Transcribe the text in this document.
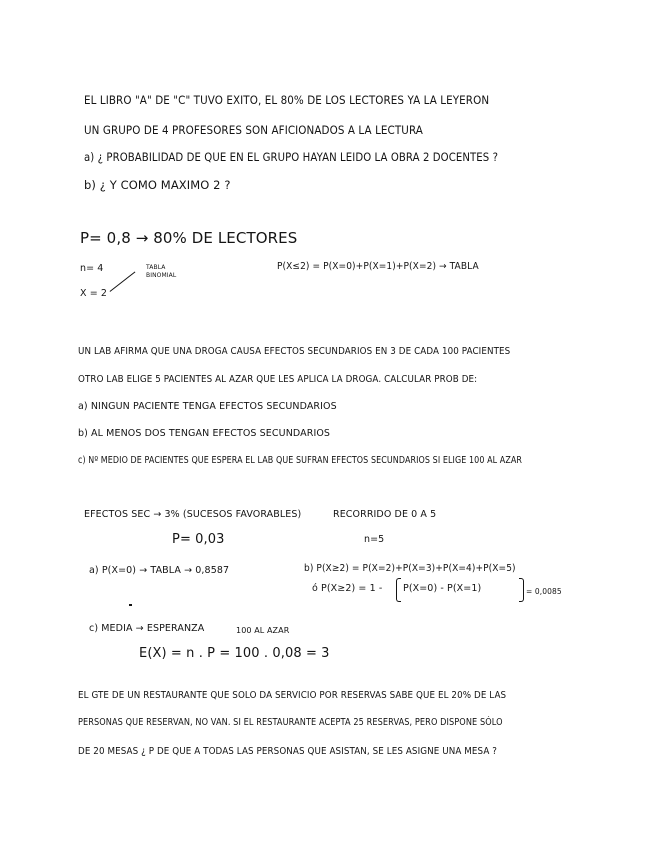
EL LIBRO "A" DE "C" TUVO EXITO, EL 80% DE LOS LECTORES YA LA LEYERON
UN GRUPO DE 4 PROFESORES SON AFICIONADOS A LA LECTURA
a) ¿ PROBABILIDAD DE QUE EN EL GRUPO HAYAN LEIDO LA OBRA 2 DOCENTES ?
b) ¿ Y COMO MAXIMO 2 ?
P= 0,8 → 80% DE LECTORES
n= 4	TABLA BINOMIAL
X = 2
P(X≤2) = P(X=0)+P(X=1)+P(X=2) → TABLA
UN LAB AFIRMA QUE UNA DROGA CAUSA EFECTOS SECUNDARIOS EN 3 DE CADA 100 PACIENTES
OTRO LAB ELIGE 5 PACIENTES AL AZAR QUE LES APLICA LA DROGA. CALCULAR PROB DE:
a) NINGUN PACIENTE TENGA EFECTOS SECUNDARIOS
b) AL MENOS DOS TENGAN EFECTOS SECUNDARIOS
c) Nº MEDIO DE PACIENTES QUE ESPERA EL LAB QUE SUFRAN EFECTOS SECUNDARIOS SI ELIGE 100 AL AZAR
EFECTOS SEC → 3% (SUCESOS FAVORABLES)	RECORRIDO DE 0 A 5
P= 0,03	n=5
a) P(X=0) → TABLA → 0,8587	b) P(X≥2) = P(X=2)+P(X=3)+P(X=4)+P(X=5)
ó P(X≥2) = 1 - P(X=0) - P(X=1)	= 0,0085
c) MEDIA → ESPERANZA	100 AL AZAR
E(X) = n . P = 100 . 0,08 = 3
EL GTE DE UN RESTAURANTE QUE SOLO DA SERVICIO POR RESERVAS SABE QUE EL 20% DE LAS
PERSONAS QUE RESERVAN, NO VAN. SI EL RESTAURANTE ACEPTA 25 RESERVAS, PERO DISPONE SÓLO
DE 20 MESAS ¿ P DE QUE A TODAS LAS PERSONAS QUE ASISTAN, SE LES ASIGNE UNA MESA ?
